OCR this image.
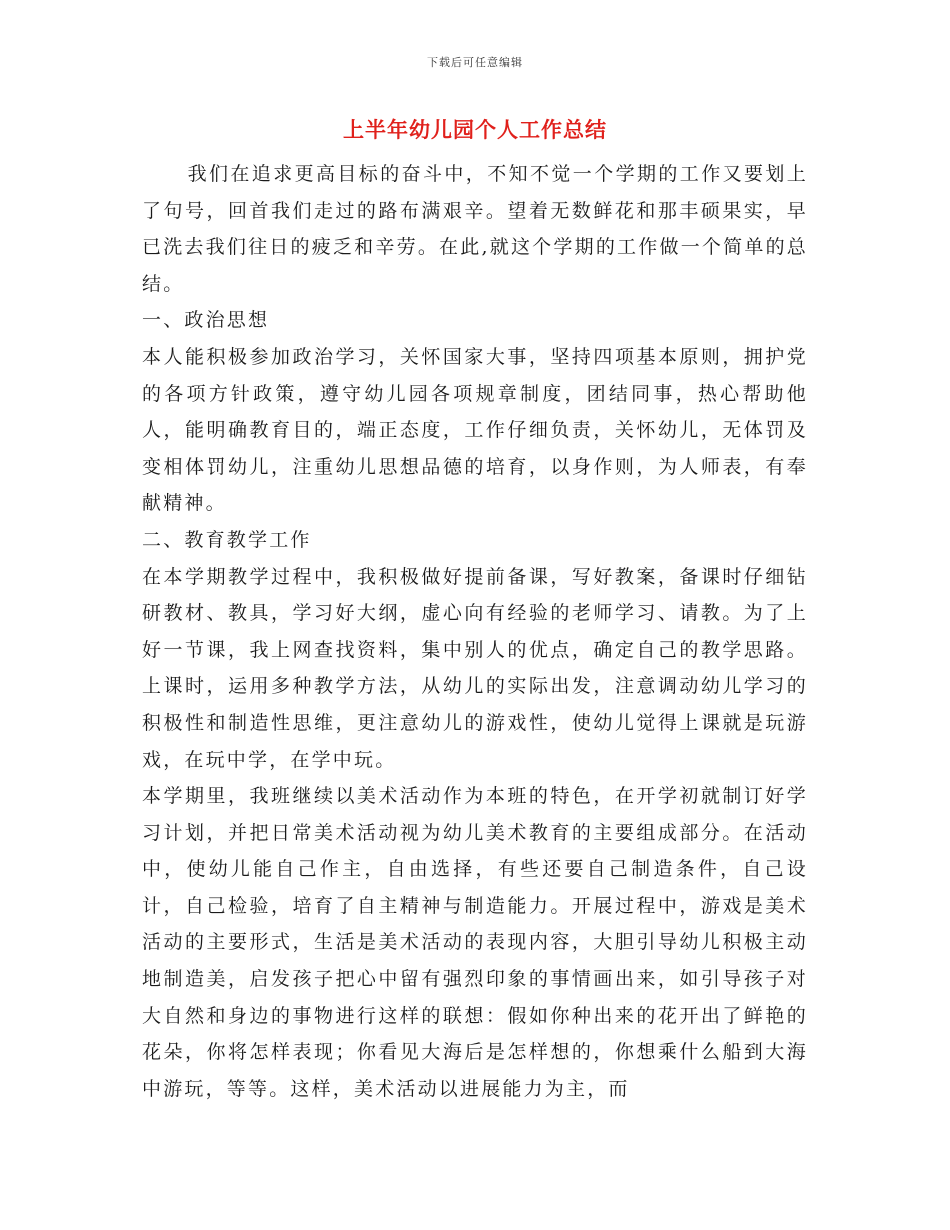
下载后可任意编辑
上半年幼儿园个人工作总结

我们在追求更高目标的奋斗中，不知不觉一个学期的工作又要划上了句号，回首我们走过的路布满艰辛。望着无数鲜花和那丰硕果实，早已洗去我们往日的疲乏和辛劳。在此,就这个学期的工作做一个简单的总结。

一、政治思想

本人能积极参加政治学习，关怀国家大事，坚持四项基本原则，拥护党的各项方针政策，遵守幼儿园各项规章制度，团结同事，热心帮助他人，能明确教育目的，端正态度，工作仔细负责，关怀幼儿，无体罚及变相体罚幼儿，注重幼儿思想品德的培育，以身作则，为人师表，有奉献精神。

二、教育教学工作

在本学期教学过程中，我积极做好提前备课，写好教案，备课时仔细钻研教材、教具，学习好大纲，虚心向有经验的老师学习、请教。为了上好一节课，我上网查找资料，集中别人的优点，确定自己的教学思路。上课时，运用多种教学方法，从幼儿的实际出发，注意调动幼儿学习的积极性和制造性思维，更注意幼儿的游戏性，使幼儿觉得上课就是玩游戏，在玩中学，在学中玩。

本学期里，我班继续以美术活动作为本班的特色，在开学初就制订好学习计划，并把日常美术活动视为幼儿美术教育的主要组成部分。在活动中，使幼儿能自己作主，自由选择，有些还要自己制造条件，自己设计，自己检验，培育了自主精神与制造能力。开展过程中，游戏是美术活动的主要形式，生活是美术活动的表现内容，大胆引导幼儿积极主动地制造美，启发孩子把心中留有强烈印象的事情画出来，如引导孩子对大自然和身边的事物进行这样的联想：假如你种出来的花开出了鲜艳的花朵，你将怎样表现；你看见大海后是怎样想的，你想乘什么船到大海中游玩，等等。这样，美术活动以进展能力为主，而
